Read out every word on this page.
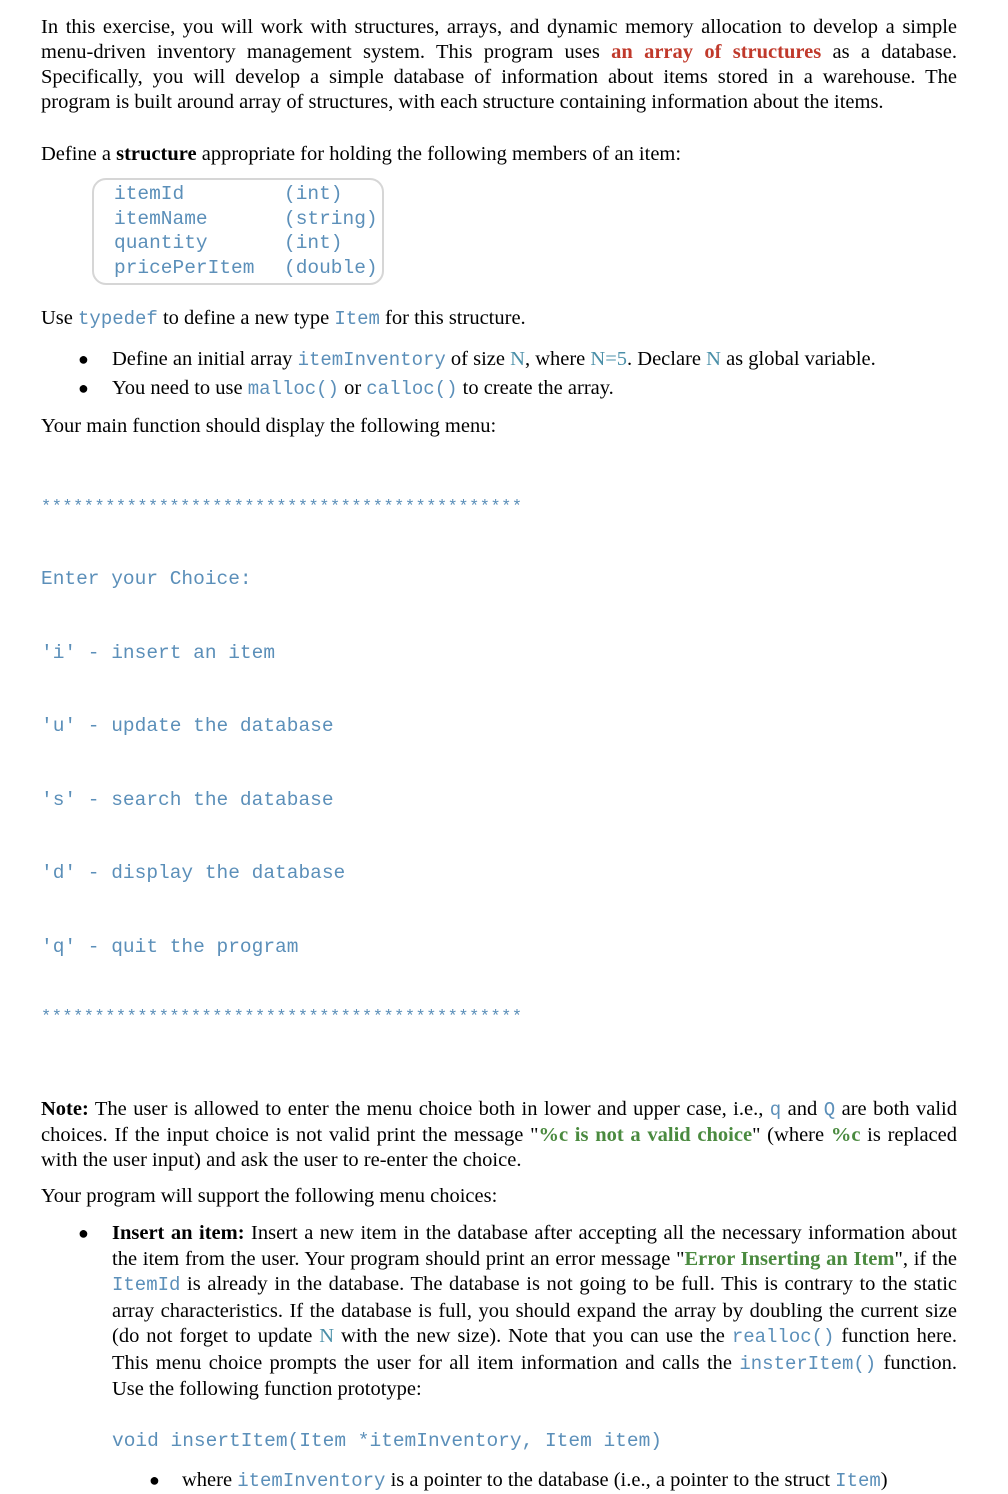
In this exercise, you will work with structures, arrays, and dynamic memory allocation to develop a simple menu-driven inventory management system. This program uses an array of structures as a database. Specifically, you will develop a simple database of information about items stored in a warehouse. The program is built around array of structures, with each structure containing information about the items.

Define a structure appropriate for holding the following members of an item:

itemId	(int)
itemName	(string)
quantity	(int)
pricePerItem	(double)

Use typedef to define a new type Item for this structure.

● Define an initial array itemInventory of size N, where N=5. Declare N as global variable.
● You need to use malloc() or calloc() to create the array.

Your main function should display the following menu:

*********************************************

Enter your Choice:

'i' - insert an item

'u' - update the database

's' - search the database

'd' - display the database

'q' - quit the program

*********************************************

Note: The user is allowed to enter the menu choice both in lower and upper case, i.e., q and Q are both valid choices. If the input choice is not valid print the message "%c is not a valid choice" (where %c is replaced with the user input) and ask the user to re-enter the choice.

Your program will support the following menu choices:

● Insert an item: Insert a new item in the database after accepting all the necessary information about the item from the user. Your program should print an error message "Error Inserting an Item", if the ItemId is already in the database. The database is not going to be full. This is contrary to the static array characteristics. If the database is full, you should expand the array by doubling the current size (do not forget to update N with the new size). Note that you can use the realloc() function here. This menu choice prompts the user for all item information and calls the insterItem() function. Use the following function prototype:
void insertItem(Item *itemInventory, Item item)
● where itemInventory is a pointer to the database (i.e., a pointer to the struct Item)
